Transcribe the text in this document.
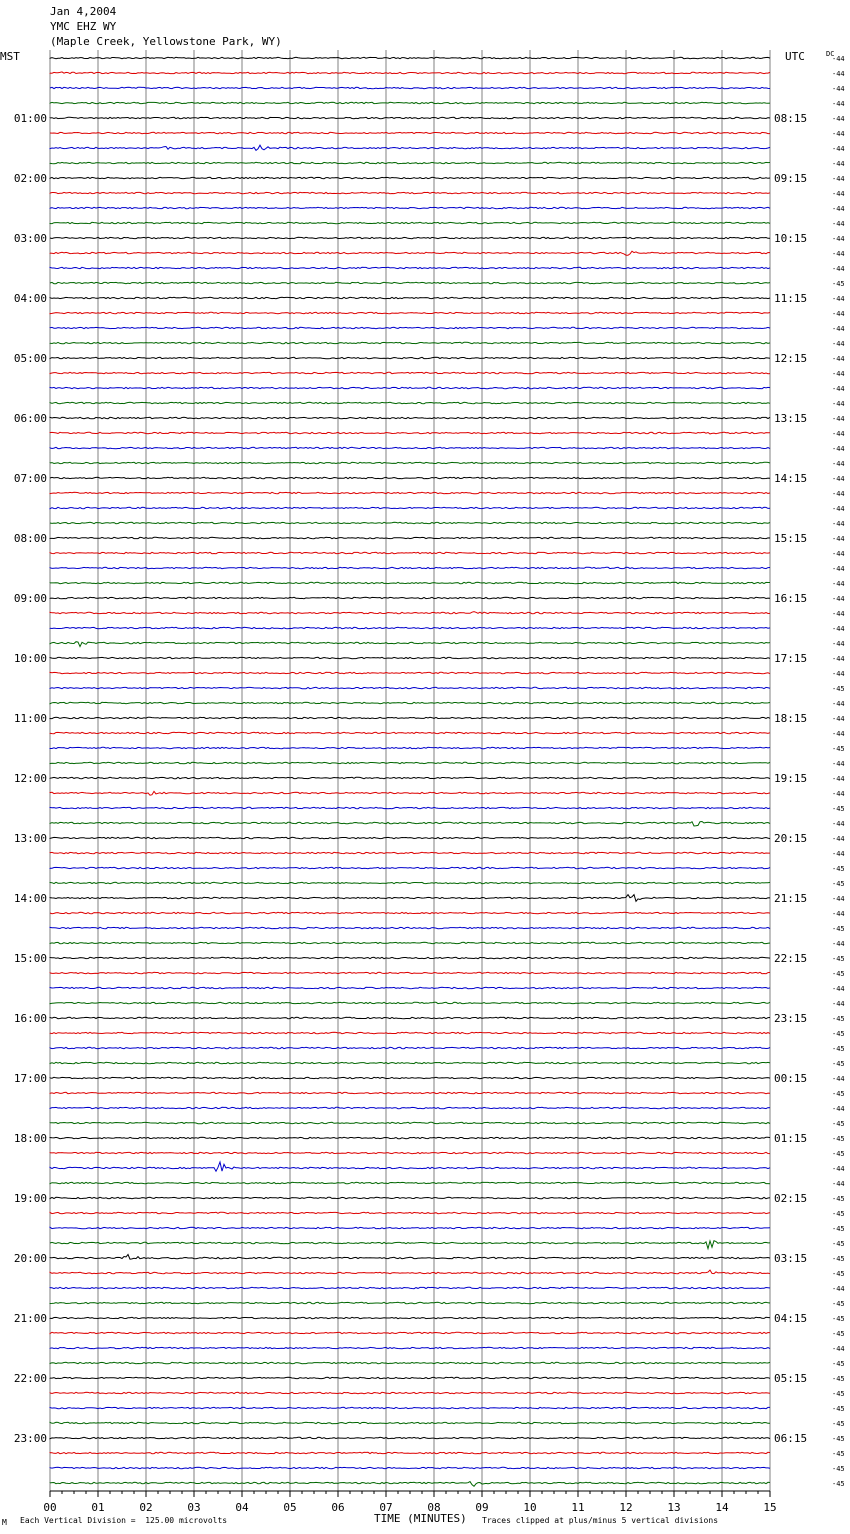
Jan 4,2004
YMC EHZ WY
(Maple Creek, Yellowstone Park, WY)
MST	UTC	DC
00	01	02	03	04	05	06	07	08	09	10	11	12	13	14	15
-44
-44
-44
-44
-44
-44
-44
-44
-44
-44
-44
-44
-44
-44
-44
-45
-44
-44
-44
-44
-44
-44
-44
-44
-44
-44
-44
-44
-44
-44
-44
-44
-44
-44
-44
-44
-44
-44
-44
-44
-44
-44
-45
-44
-44
-44
-45
-44
-44
-44
-45
-44
-44
-44
-45
-45
-44
-44
-45
-44
-45
-45
-44
-44
-45
-45
-45
-45
-44
-45
-44
-45
-45
-45
-44
-44
-45
-45
-45
-45
-45
-45
-44
-45
-45
-45
-44
-45
-45
-45
-45
-45
-45
-45
-45
-45
01:00	08:15
02:00	09:15
03:00	10:15
04:00	11:15
05:00	12:15
06:00	13:15
07:00	14:15
08:00	15:15
09:00	16:15
10:00	17:15
11:00	18:15
12:00	19:15
13:00	20:15
14:00	21:15
15:00	22:15
16:00	23:15
17:00	00:15
18:00	01:15
19:00	02:15
20:00	03:15
21:00	04:15
22:00	05:15
23:00	06:15
TIME (MINUTES)
M Each Vertical Division =  125.00 microvolts	Traces clipped at plus/minus 5 vertical divisions
